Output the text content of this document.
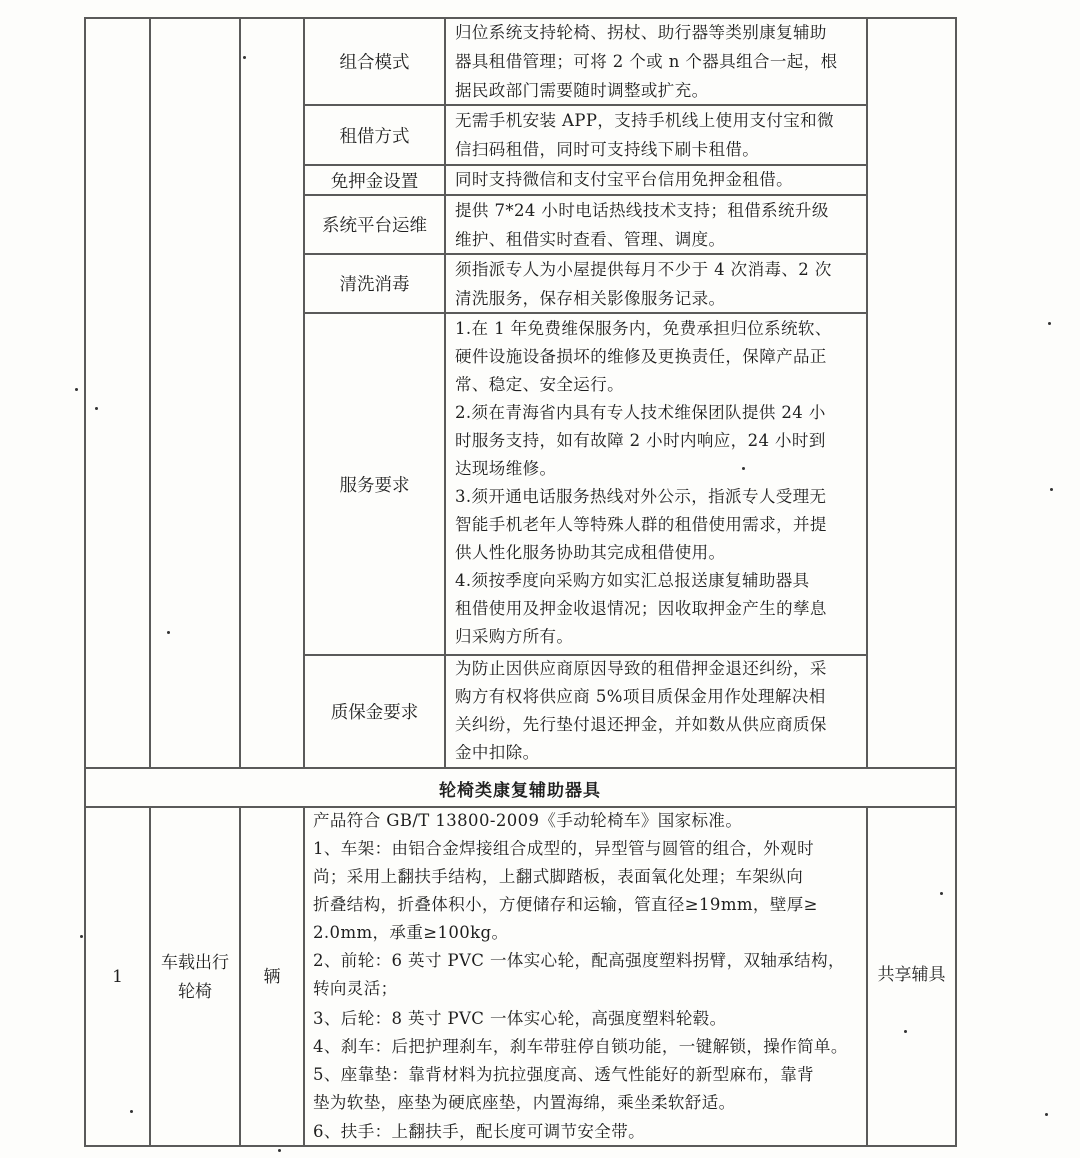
组合模式
租借方式
免押金设置
系统平台运维
清洗消毒
服务要求
质保金要求
归位系统支持轮椅、拐杖、助行器等类别康复辅助
器具租借管理；可将 2 个或 n 个器具组合一起，根
据民政部门需要随时调整或扩充。
无需手机安装 APP，支持手机线上使用支付宝和微
信扫码租借，同时可支持线下刷卡租借。
同时支持微信和支付宝平台信用免押金租借。
提供 7*24 小时电话热线技术支持；租借系统升级
维护、租借实时查看、管理、调度。
须指派专人为小屋提供每月不少于 4 次消毒、2 次
清洗服务，保存相关影像服务记录。
1.在 1 年免费维保服务内，免费承担归位系统软、
硬件设施设备损坏的维修及更换责任，保障产品正
常、稳定、安全运行。
2.须在青海省内具有专人技术维保团队提供 24 小
时服务支持，如有故障 2 小时内响应，24 小时到
达现场维修。
3.须开通电话服务热线对外公示，指派专人受理无
智能手机老年人等特殊人群的租借使用需求，并提
供人性化服务协助其完成租借使用。
4.须按季度向采购方如实汇总报送康复辅助器具
租借使用及押金收退情况；因收取押金产生的孳息
归采购方所有。
为防止因供应商原因导致的租借押金退还纠纷，采
购方有权将供应商 5%项目质保金用作处理解决相
关纠纷，先行垫付退还押金，并如数从供应商质保
金中扣除。
轮椅类康复辅助器具
1
车载出行
轮椅
辆	共享辅具
产品符合 GB/T 13800-2009《手动轮椅车》国家标准。
1、车架：由铝合金焊接组合成型的，异型管与圆管的组合，外观时
尚；采用上翻扶手结构，上翻式脚踏板，表面氧化处理；车架纵向
折叠结构，折叠体积小，方便储存和运输，管直径≥19mm，壁厚≥
2.0mm，承重≥100kg。
2、前轮：6 英寸 PVC 一体实心轮，配高强度塑料拐臂，双轴承结构，
转向灵活；
3、后轮：8 英寸 PVC 一体实心轮，高强度塑料轮毂。
4、刹车：后把护理刹车，刹车带驻停自锁功能，一键解锁，操作简单。
5、座靠垫：靠背材料为抗拉强度高、透气性能好的新型麻布，靠背
垫为软垫，座垫为硬底座垫，内置海绵，乘坐柔软舒适。
6、扶手：上翻扶手，配长度可调节安全带。
